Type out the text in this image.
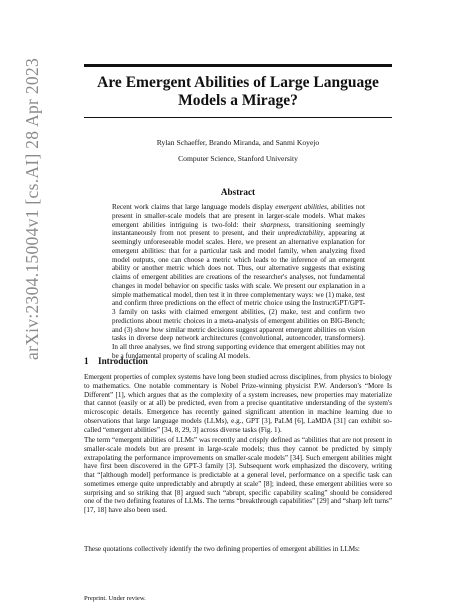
arXiv:2304.15004v1 [cs.AI] 28 Apr 2023	Are Emergent Abilities of Large Language Models a Mirage?
Rylan Schaeffer, Brando Miranda, and Sanmi Koyejo
Computer Science, Stanford University
Abstract
Recent work claims that large language models display emergent abilities, abilities not present in smaller-scale models that are present in larger-scale models. What makes emergent abilities intriguing is two-fold: their sharpness, transitioning seemingly instantaneously from not present to present, and their unpredictability, appearing at seemingly unforeseeable model scales. Here, we present an alternative explanation for emergent abilities: that for a particular task and model family, when analyzing fixed model outputs, one can choose a metric which leads to the inference of an emergent ability or another metric which does not. Thus, our alternative suggests that existing claims of emergent abilities are creations of the researcher's analyses, not fundamental changes in model behavior on specific tasks with scale. We present our explanation in a simple mathematical model, then test it in three complementary ways: we (1) make, test and confirm three predictions on the effect of metric choice using the InstructGPT/GPT-3 family on tasks with claimed emergent abilities, (2) make, test and confirm two predictions about metric choices in a meta-analysis of emergent abilities on BIG-Bench; and (3) show how similar metric decisions suggest apparent emergent abilities on vision tasks in diverse deep network architectures (convolutional, autoencoder, transformers). In all three analyses, we find strong supporting evidence that emergent abilities may not be a fundamental property of scaling AI models.
1 Introduction
Emergent properties of complex systems have long been studied across disciplines, from physics to biology to mathematics. One notable commentary is Nobel Prize-winning physicist P.W. Anderson's “More Is Different” [1], which argues that as the complexity of a system increases, new properties may materialize that cannot (easily or at all) be predicted, even from a precise quantitative understanding of the system's microscopic details. Emergence has recently gained significant attention in machine learning due to observations that large language models (LLMs), e.g., GPT [3], PaLM [6], LaMDA [31] can exhibit so-called “emergent abilities” [34, 8, 29, 3] across diverse tasks (Fig. 1).
The term “emergent abilities of LLMs” was recently and crisply defined as “abilities that are not present in smaller-scale models but are present in large-scale models; thus they cannot be predicted by simply extrapolating the performance improvements on smaller-scale models” [34]. Such emergent abilities might have first been discovered in the GPT-3 family [3]. Subsequent work emphasized the discovery, writing that “[although model] performance is predictable at a general level, performance on a specific task can sometimes emerge quite unpredictably and abruptly at scale” [8]; indeed, these emergent abilities were so surprising and so striking that [8] argued such “abrupt, specific capability scaling” should be considered one of the two defining features of LLMs. The terms “breakthrough capabilities” [29] and “sharp left turns” [17, 18] have also been used.
These quotations collectively identify the two defining properties of emergent abilities in LLMs:
Preprint. Under review.
